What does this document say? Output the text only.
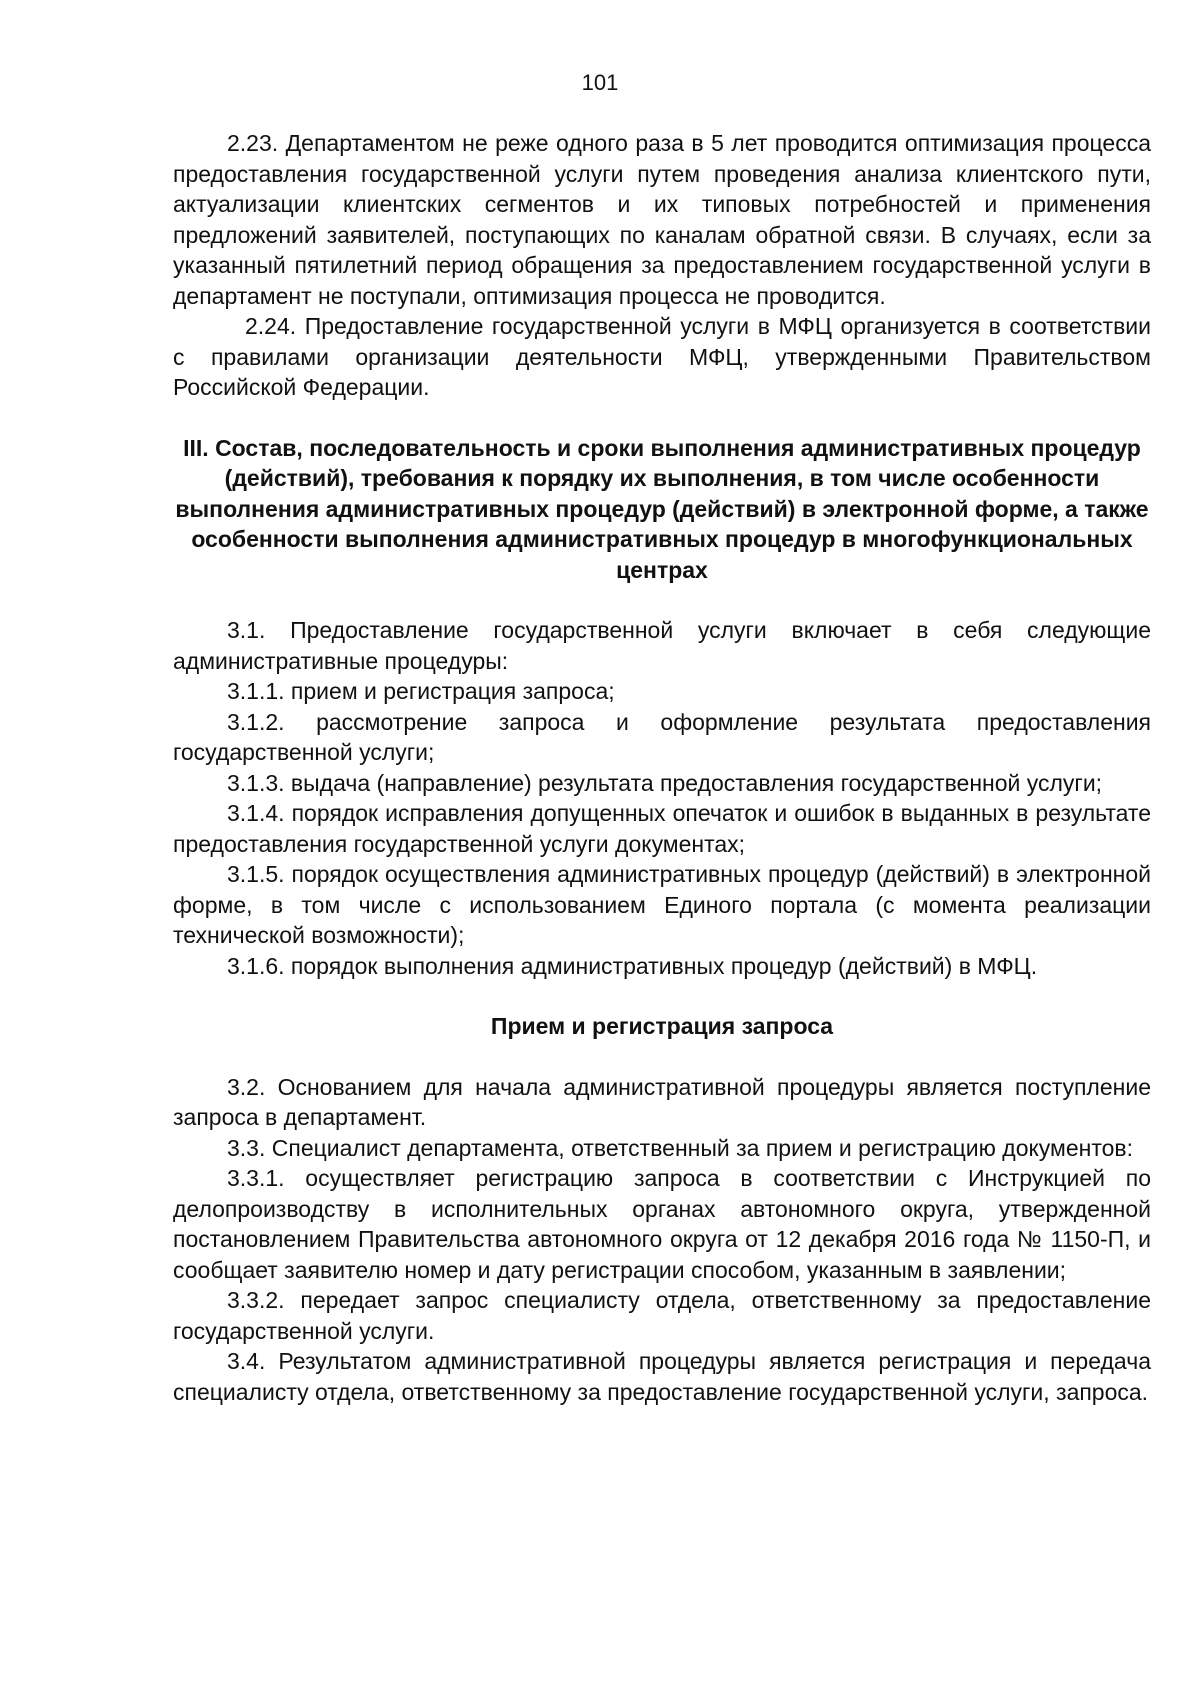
101

2.23. Департаментом не реже одного раза в 5 лет проводится оптимизация процесса предоставления государственной услуги путем проведения анализа клиентского пути, актуализации клиентских сегментов и их типовых потребностей и применения предложений заявителей, поступающих по каналам обратной связи. В случаях, если за указанный пятилетний период обращения за предоставлением государственной услуги в департамент не поступали, оптимизация процесса не проводится.

2.24. Предоставление государственной услуги в МФЦ организуется в соответствии с правилами организации деятельности МФЦ, утвержденными Правительством Российской Федерации.

III. Состав, последовательность и сроки выполнения административных процедур (действий), требования к порядку их выполнения, в том числе особенности выполнения административных процедур (действий) в электронной форме, а также особенности выполнения административных процедур в многофункциональных центрах

3.1. Предоставление государственной услуги включает в себя следующие административные процедуры:

3.1.1. прием и регистрация запроса;

3.1.2. рассмотрение запроса и оформление результата предоставления государственной услуги;

3.1.3. выдача (направление) результата предоставления государственной услуги;

3.1.4. порядок исправления допущенных опечаток и ошибок в выданных в результате предоставления государственной услуги документах;

3.1.5. порядок осуществления административных процедур (действий) в электронной форме, в том числе с использованием Единого портала (с момента реализации технической возможности);

3.1.6. порядок выполнения административных процедур (действий) в МФЦ.

Прием и регистрация запроса

3.2. Основанием для начала административной процедуры является поступление запроса в департамент.

3.3. Специалист департамента, ответственный за прием и регистрацию документов:

3.3.1. осуществляет регистрацию запроса в соответствии с Инструкцией по делопроизводству в исполнительных органах автономного округа, утвержденной постановлением Правительства автономного округа от 12 декабря 2016 года № 1150-П, и сообщает заявителю номер и дату регистрации способом, указанным в заявлении;

3.3.2. передает запрос специалисту отдела, ответственному за предоставление государственной услуги.

3.4. Результатом административной процедуры является регистрация и передача специалисту отдела, ответственному за предоставление государственной услуги, запроса.
